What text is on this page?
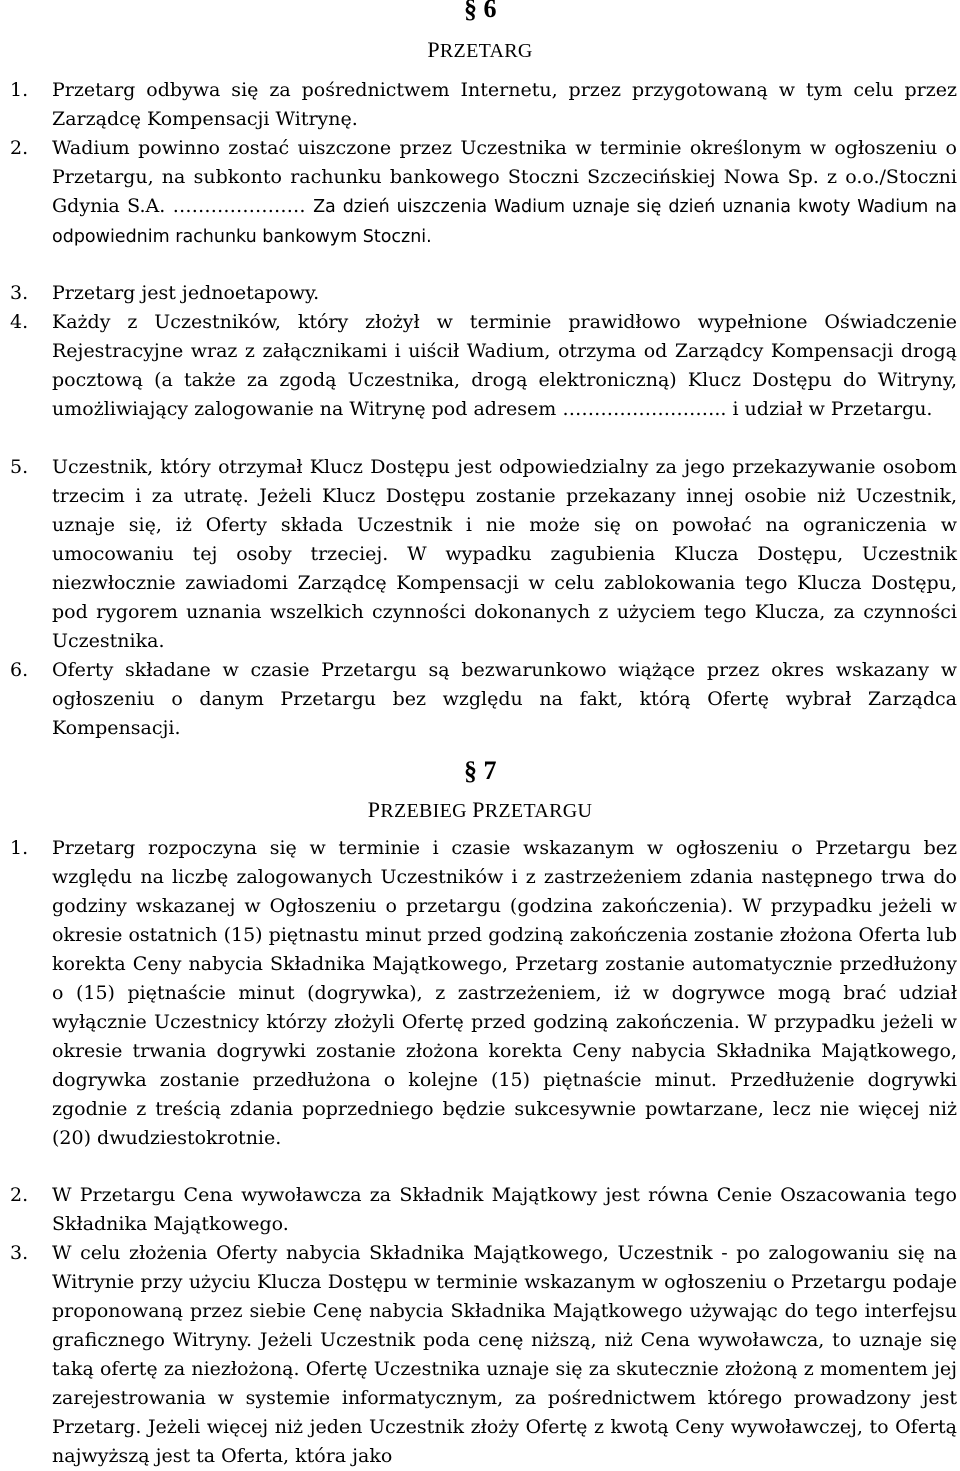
§ 6
PRZETARG
1. Przetarg odbywa się za pośrednictwem Internetu, przez przygotowaną w tym celu przez Zarządcę Kompensacji Witrynę.
2. Wadium powinno zostać uiszczone przez Uczestnika w terminie określonym w ogłoszeniu o Przetargu, na subkonto rachunku bankowego Stoczni Szczecińskiej Nowa Sp. z o.o./Stoczni Gdynia S.A. ………………… Za dzień uiszczenia Wadium uznaje się dzień uznania kwoty Wadium na odpowiednim rachunku bankowym Stoczni.
3. Przetarg jest jednoetapowy.
4. Każdy z Uczestników, który złożył w terminie prawidłowo wypełnione Oświadczenie Rejestracyjne wraz z załącznikami i uiścił Wadium, otrzyma od Zarządcy Kompensacji drogą pocztową (a także za zgodą Uczestnika, drogą elektroniczną) Klucz Dostępu do Witryny, umożliwiający zalogowanie na Witrynę pod adresem …………………….. i udział w Przetargu.
5. Uczestnik, który otrzymał Klucz Dostępu jest odpowiedzialny za jego przekazywanie osobom trzecim i za utratę. Jeżeli Klucz Dostępu zostanie przekazany innej osobie niż Uczestnik, uznaje się, iż Oferty składa Uczestnik i nie może się on powołać na ograniczenia w umocowaniu tej osoby trzeciej. W wypadku zagubienia Klucza Dostępu, Uczestnik niezwłocznie zawiadomi Zarządcę Kompensacji w celu zablokowania tego Klucza Dostępu, pod rygorem uznania wszelkich czynności dokonanych z użyciem tego Klucza, za czynności Uczestnika.
6. Oferty składane w czasie Przetargu są bezwarunkowo wiążące przez okres wskazany w ogłoszeniu o danym Przetargu bez względu na fakt, którą Ofertę wybrał Zarządca Kompensacji.
§ 7
PRZEBIEG PRZETARGU
1. Przetarg rozpoczyna się w terminie i czasie wskazanym w ogłoszeniu o Przetargu bez względu na liczbę zalogowanych Uczestników i z zastrzeżeniem zdania następnego trwa do godziny wskazanej w Ogłoszeniu o przetargu (godzina zakończenia). W przypadku jeżeli w okresie ostatnich (15) piętnastu minut przed godziną zakończenia zostanie złożona Oferta lub korekta Ceny nabycia Składnika Majątkowego, Przetarg zostanie automatycznie przedłużony o (15) piętnaście minut (dogrywka), z zastrzeżeniem, iż w dogrywce mogą brać udział wyłącznie Uczestnicy którzy złożyli Ofertę przed godziną zakończenia. W przypadku jeżeli w okresie trwania dogrywki zostanie złożona korekta Ceny nabycia Składnika Majątkowego, dogrywka zostanie przedłużona o kolejne (15) piętnaście minut. Przedłużenie dogrywki zgodnie z treścią zdania poprzedniego będzie sukcesywnie powtarzane, lecz nie więcej niż (20) dwudziestokrotnie.
2. W Przetargu Cena wywoławcza za Składnik Majątkowy jest równa Cenie Oszacowania tego Składnika Majątkowego.
3. W celu złożenia Oferty nabycia Składnika Majątkowego, Uczestnik - po zalogowaniu się na Witrynie przy użyciu Klucza Dostępu w terminie wskazanym w ogłoszeniu o Przetargu podaje proponowaną przez siebie Cenę nabycia Składnika Majątkowego używając do tego interfejsu graficznego Witryny. Jeżeli Uczestnik poda cenę niższą, niż Cena wywoławcza, to uznaje się taką ofertę za niezłożoną. Ofertę Uczestnika uznaje się za skutecznie złożoną z momentem jej zarejestrowania w systemie informatycznym, za pośrednictwem którego prowadzony jest Przetarg. Jeżeli więcej niż jeden Uczestnik złoży Ofertę z kwotą Ceny wywoławczej, to Ofertą najwyższą jest ta Oferta, która jako
